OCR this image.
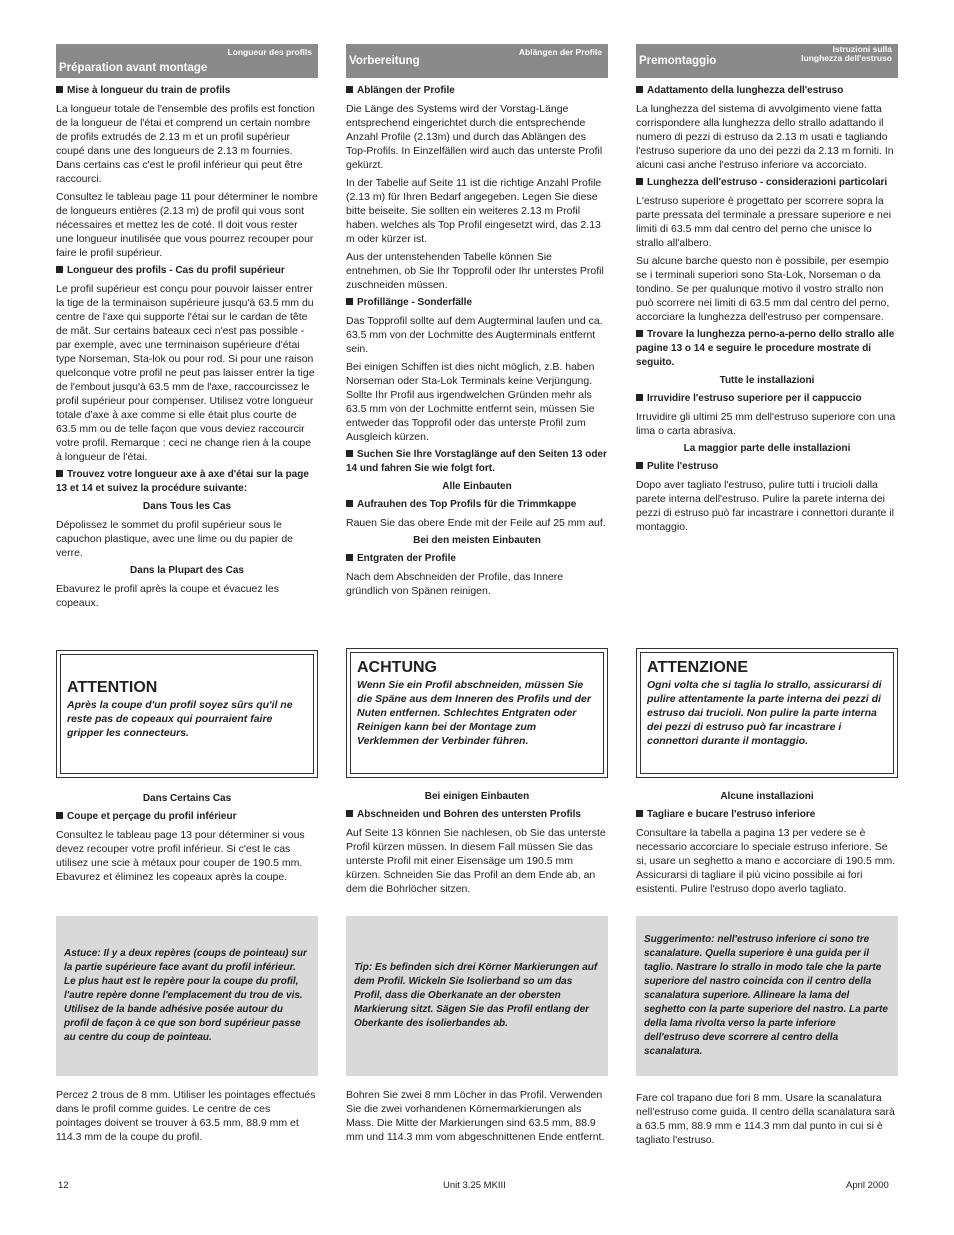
Préparation avant montage
Longueur des profils
Vorbereitung
Ablängen der Profile
Premontaggio
Istruzioni sulla lunghezza dell'estruso
Mise à longueur du train de profils

La longueur totale de l'ensemble des profils est fonction de la longueur de l'étai et comprend un certain nombre de profils extrudés de 2.13 m et un profil supérieur coupé dans une des longueurs de 2.13 m fournies. Dans certains cas c'est le profil inférieur qui peut être raccourci.

Consultez le tableau page 11 pour déterminer le nombre de longueurs entières (2.13 m) de profil qui vous sont nécessaires et mettez les de coté. Il doit vous rester une longueur inutilisée que vous pourrez recouper pour faire le profil supérieur.

Longueur des profils - Cas du profil supérieur

Le profil supérieur est conçu pour pouvoir laisser entrer la tige de la terminaison supérieure jusqu'à 63.5 mm du centre de l'axe qui supporte l'étai sur le cardan de tête de mât. Sur certains bateaux ceci n'est pas possible - par exemple, avec une terminaison supérieure d'étai type Norseman, Sta-lok ou pour rod. Si pour une raison quelconque votre profil ne peut pas laisser entrer la tige de l'embout jusqu'à 63.5 mm de l'axe, raccourcissez le profil supérieur pour compenser. Utilisez votre longueur totale d'axe à axe comme si elle était plus courte de 63.5 mm ou de telle façon que vous deviez raccourcir votre profil. Remarque : ceci ne change rien à la coupe à longueur de l'étai.

Trouvez votre longueur axe à axe d'étai sur la page 13 et 14 et suivez la procédure suivante:
Dans Tous les Cas

Dépolissez le sommet du profil supérieur sous le capuchon plastique, avec une lime ou du papier de verre.

Dans la Plupart des Cas

Ebavurez le profil après la coupe et évacuez les copeaux.

Ablängen der Profile

Die Länge des Systems wird der Vorstag-Länge entsprechend eingerichtet durch die entsprechende Anzahl Profile (2.13m) und durch das Ablängen des Top-Profils. In Einzelfällen wird auch das unterste Profil gekürzt.

In der Tabelle auf Seite 11 ist die richtige Anzahl Profile (2.13 m) für Ihren Bedarf angegeben. Legen Sie diese bitte beiseite. Sie sollten ein weiteres 2.13 m Profil haben. welches als Top Profil eingesetzt wird, das 2.13 m oder kürzer ist.

Aus der untenstehenden Tabelle können Sie entnehmen, ob Sie Ihr Topprofil oder Ihr unterstes Profil zuschneiden müssen.

Profillänge - Sonderfälle

Das Topprofil sollte auf dem Augterminal laufen und ca. 63.5 mm von der Lochmitte des Augterminals entfernt sein.

Bei einigen Schiffen ist dies nicht möglich, z.B. haben Norseman oder Sta-Lok Terminals keine Verjüngung. Sollte Ihr Profil aus irgendwelchen Gründen mehr als 63.5 mm von der Lochmitte entfernt sein, müssen Sie entweder das Topprofil oder das unterste Profil zum Ausgleich kürzen.

Suchen Sie Ihre Vorstaglänge auf den Seiten 13 oder 14 und fahren Sie wie folgt fort.
Alle Einbauten
Aufrauhen des Top Profils für die Trimmkappe

Rauen Sie das obere Ende mit der Feile auf 25 mm auf.

Bei den meisten Einbauten
Entgraten der Profile

Nach dem Abschneiden der Profile, das Innere gründlich von Spänen reinigen.

Adattamento della lunghezza dell'estruso

La lunghezza del sistema di avvolgimento viene fatta corrispondere alla lunghezza dello strallo adattando il numero di pezzi di estruso da 2.13 m usati e tagliando l'estruso superiore da uno dei pezzi da 2.13 m forniti. In alcuni casi anche l'estruso inferiore va accorciato.

Lunghezza dell'estruso - considerazioni particolari

L'estruso superiore è progettato per scorrere sopra la parte pressata del terminale a pressare superiore e nei limiti di 63.5 mm dal centro del perno che unisce lo strallo all'albero.

Su alcune barche questo non è possibile, per esempio se i terminali superiori sono Sta-Lok, Norseman o da tondino. Se per qualunque motivo il vostro strallo non può scorrere nei limiti di 63.5 mm dal centro del perno, accorciare la lunghezza dell'estruso per compensare.

Trovare la lunghezza perno-a-perno dello strallo alle pagine 13 o 14 e seguire le procedure mostrate di seguito.
Tutte le installazioni
Irruvidire l'estruso superiore per il cappuccio

Irruvidire gli ultimi 25 mm dell'estruso superiore con una lima o carta abrasiva.

La maggior parte delle installazioni
Pulite l'estruso

Dopo aver tagliato l'estruso, pulire tutti i trucioli dalla parete interna dell'estruso. Pulire la parete interna dei pezzi di estruso può far incastrare i connettori durante il montaggio.

ATTENTION
Après la coupe d'un profil soyez sûrs qu'il ne reste pas de copeaux qui pourraient faire gripper les connecteurs.
ACHTUNG
Wenn Sie ein Profil abschneiden, müssen Sie die Späne aus dem Inneren des Profils und der Nuten entfernen. Schlechtes Entgraten oder Reinigen kann bei der Montage zum Verklemmen der Verbinder führen.
ATTENZIONE
Ogni volta che si taglia lo strallo, assicurarsi di pulire attentamente la parte interna dei pezzi di estruso dai trucioli. Non pulire la parte interna dei pezzi di estruso può far incastrare i connettori durante il montaggio.
Dans Certains Cas
Coupe et perçage du profil inférieur

Consultez le tableau page 13 pour déterminer si vous devez recouper votre profil inférieur. Si c'est le cas utilisez une scie à métaux pour couper de 190.5 mm. Ebavurez et éliminez les copeaux après la coupe.

Bei einigen Einbauten
Abschneiden und Bohren des untersten Profils

Auf Seite 13 können Sie nachlesen, ob Sie das unterste Profil kürzen müssen. In diesem Fall müssen Sie das unterste Profil mit einer Eisensäge um 190.5 mm kürzen. Schneiden Sie das Profil an dem Ende ab, an dem die Bohrlöcher sitzen.

Alcune installazioni
Tagliare e bucare l'estruso inferiore

Consultare la tabella a pagina 13 per vedere se è necessario accorciare lo speciale estruso inferiore. Se si, usare un seghetto a mano e accorciare di 190.5 mm. Assicurarsi di tagliare il più vicino possibile ai fori esistenti. Pulire l'estruso dopo averlo tagliato.

Astuce: Il y a deux repères (coups de pointeau) sur la partie supérieure face avant du profil inférieur. Le plus haut est le repère pour la coupe du profil, l'autre repère donne l'emplacement du trou de vis. Utilisez de la bande adhésive posée autour du profil de façon à ce que son bord supérieur passe au centre du coup de pointeau.
Tip: Es befinden sich drei Körner Markierungen auf dem Profil. Wickeln Sie Isolierband so um das Profil, dass die Oberkanate an der obersten Markierung sitzt. Sägen Sie das Profil entlang der Oberkante des isolierbandes ab.
Suggerimento: nell'estruso inferiore ci sono tre scanalature. Quella superiore è una guida per il taglio. Nastrare lo strallo in modo tale che la parte superiore del nastro coincida con il centro della scanalatura superiore. Allineare la lama del seghetto con la parte superiore del nastro. La parte della lama rivolta verso la parte inferiore dell'estruso deve scorrere al centro della scanalatura.

Percez 2 trous de 8 mm. Utiliser les pointages effectués dans le profil comme guides. Le centre de ces pointages doivent se trouver à 63.5 mm, 88.9 mm et 114.3 mm de la coupe du profil.

Bohren Sie zwei 8 mm Löcher in das Profil. Verwenden Sie die zwei vorhandenen Körnermarkierungen als Mass. Die Mitte der Markierungen sind 63.5 mm, 88.9 mm und 114.3 mm vom abgeschnittenen Ende entfernt.

Fare col trapano due fori 8 mm. Usare la scanalatura nell'estruso come guida. Il centro della scanalatura sarà a 63.5 mm, 88.9 mm e 114.3 mm dal punto in cui si è tagliato l'estruso.

12	Unit 3.25 MKIII	April 2000
